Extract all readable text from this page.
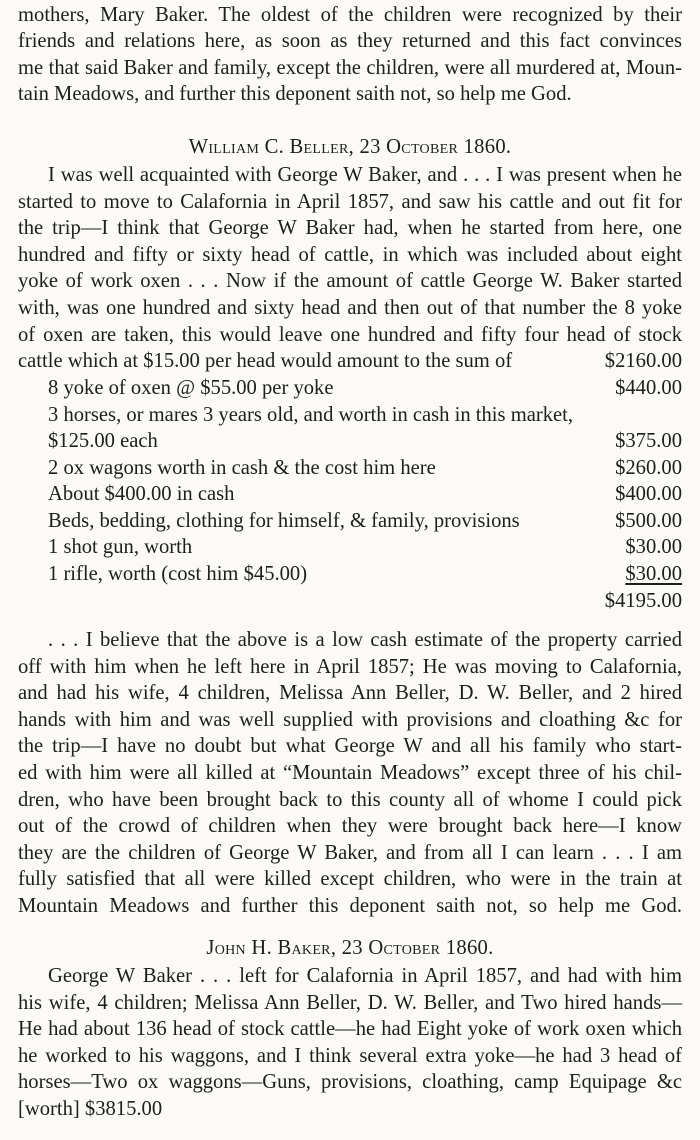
mothers, Mary Baker. The oldest of the children were recognized by their
friends and relations here, as soon as they returned and this fact convinces
me that said Baker and family, except the children, were all murdered at, Moun-
tain Meadows, and further this deponent saith not, so help me God.
William C. Beller, 23 October 1860.
I was well acquainted with George W Baker, and . . . I was present when he
started to move to Calafornia in April 1857, and saw his cattle and out fit for
the trip—I think that George W Baker had, when he started from here, one
hundred and fifty or sixty head of cattle, in which was included about eight
yoke of work oxen . . . Now if the amount of cattle George W. Baker started
with, was one hundred and sixty head and then out of that number the 8 yoke
of oxen are taken, this would leave one hundred and fifty four head of stock
cattle which at $15.00 per head would amount to the sum of	$2160.00
8 yoke of oxen @ $55.00 per yoke	$440.00
3 horses, or mares 3 years old, and worth in cash in this market,
$125.00 each	$375.00
2 ox wagons worth in cash & the cost him here	$260.00
About $400.00 in cash	$400.00
Beds, bedding, clothing for himself, & family, provisions	$500.00
1 shot gun, worth	$30.00
1 rifle, worth (cost him $45.00)	$30.00
$4195.00
. . . I believe that the above is a low cash estimate of the property carried
off with him when he left here in April 1857; He was moving to Calafornia,
and had his wife, 4 children, Melissa Ann Beller, D. W. Beller, and 2 hired
hands with him and was well supplied with provisions and cloathing &c for
the trip—I have no doubt but what George W and all his family who start-
ed with him were all killed at “Mountain Meadows” except three of his chil-
dren, who have been brought back to this county all of whome I could pick
out of the crowd of children when they were brought back here—I know
they are the children of George W Baker, and from all I can learn . . . I am
fully satisfied that all were killed except children, who were in the train at
Mountain Meadows and further this deponent saith not, so help me God.
John H. Baker, 23 October 1860.
George W Baker . . . left for Calafornia in April 1857, and had with him
his wife, 4 children; Melissa Ann Beller, D. W. Beller, and Two hired hands—
He had about 136 head of stock cattle—he had Eight yoke of work oxen which
he worked to his waggons, and I think several extra yoke—he had 3 head of
horses—Two ox waggons—Guns, provisions, cloathing, camp Equipage &c
[worth] $3815.00
